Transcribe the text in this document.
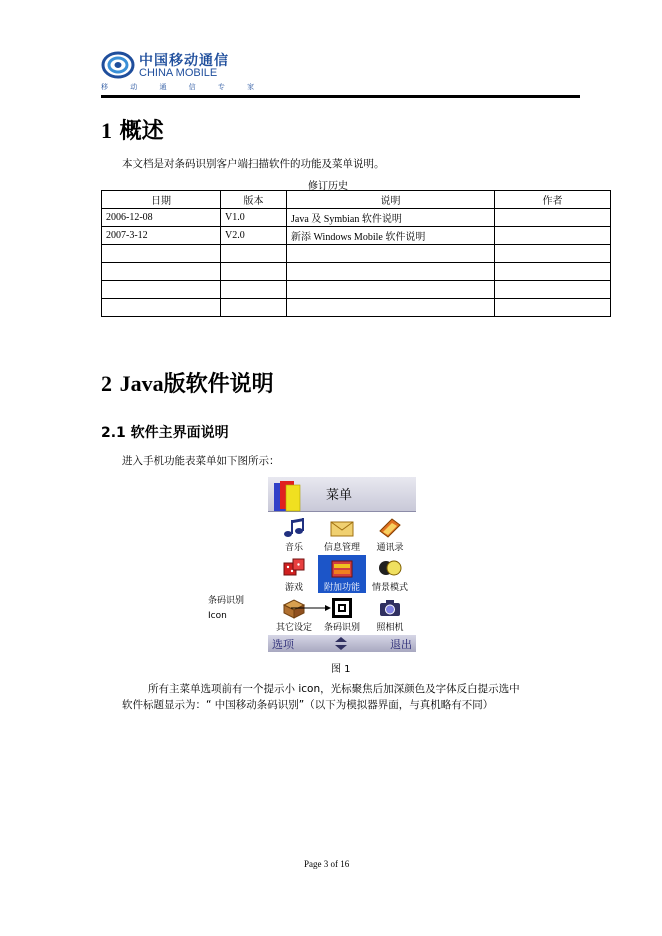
中国移动通信
CHINA MOBILE
移 动 通 信 专 家
1 概述
本文档是对条码识别客户端扫描软件的功能及菜单说明。
修订历史
日期	版本	说明	作者
2006-12-08	V1.0	Java 及 Symbian 软件说明	
2007-3-12	V2.0	新添 Windows Mobile 软件说明	

2 Java版软件说明
2.1 软件主界面说明
进入手机功能表菜单如下图所示：
菜单
音乐	信息管理	通讯录
游戏	附加功能	情景模式
其它设定	条码识别	照相机
选项	退出
条码识别
Icon
图 1
所有主菜单选项前有一个提示小 icon，光标聚焦后加深颜色及字体反白提示选中
软件标题显示为：“ 中国移动条码识别”（以下为模拟器界面，与真机略有不同）
Page 3 of 16
